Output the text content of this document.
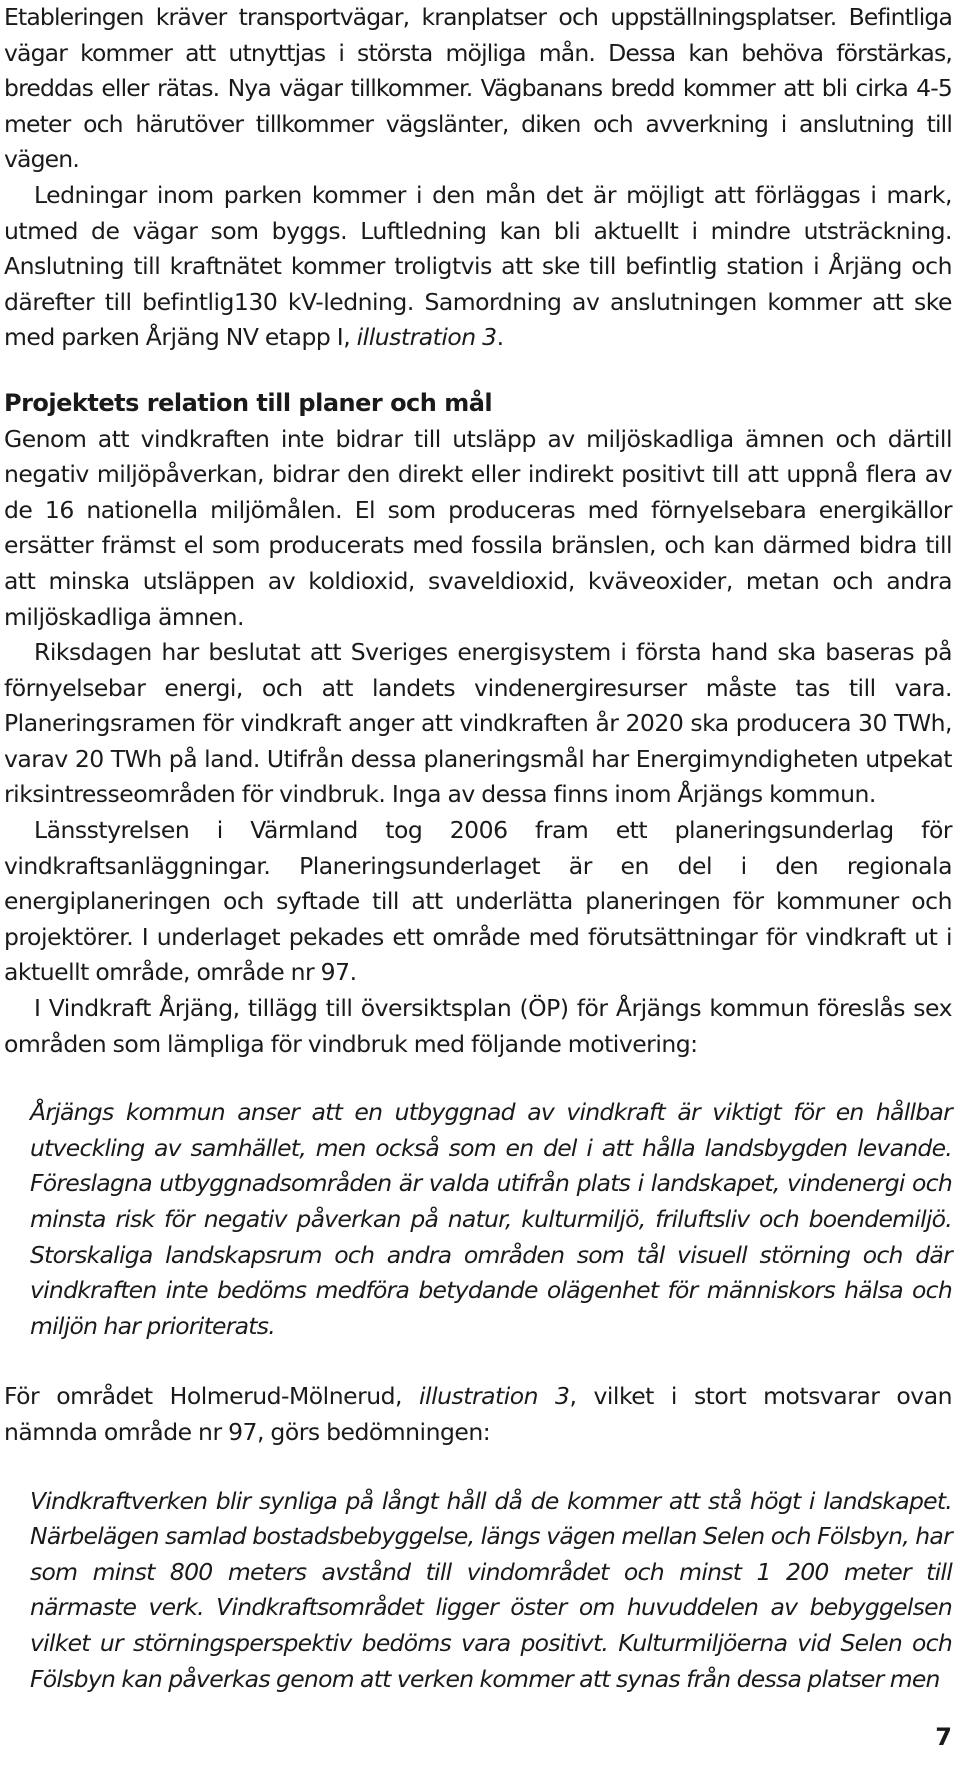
Etableringen kräver transportvägar, kranplatser och uppställningsplatser. Befintliga vägar kommer att utnyttjas i största möjliga mån. Dessa kan behöva förstärkas, breddas eller rätas. Nya vägar tillkommer. Vägbanans bredd kommer att bli cirka 4-5 meter och härutöver tillkommer vägslänter, diken och avverkning i anslutning till vägen.

Ledningar inom parken kommer i den mån det är möjligt att förläggas i mark, utmed de vägar som byggs. Luftledning kan bli aktuellt i mindre utsträckning. Anslutning till kraftnätet kommer troligtvis att ske till befintlig station i Årjäng och därefter till befintlig130 kV-ledning. Samordning av anslutningen kommer att ske med parken Årjäng NV etapp I, illustration 3.

Projektets relation till planer och mål

Genom att vindkraften inte bidrar till utsläpp av miljöskadliga ämnen och därtill negativ miljöpåverkan, bidrar den direkt eller indirekt positivt till att uppnå flera av de 16 nationella miljömålen. El som produceras med förnyelsebara energikällor ersätter främst el som producerats med fossila bränslen, och kan därmed bidra till att minska utsläppen av koldioxid, svaveldioxid, kväveoxider, metan och andra miljöskadliga ämnen.

Riksdagen har beslutat att Sveriges energisystem i första hand ska baseras på förnyelsebar energi, och att landets vindenergiresurser måste tas till vara. Planeringsramen för vindkraft anger att vindkraften år 2020 ska producera 30 TWh, varav 20 TWh på land. Utifrån dessa planeringsmål har Energimyndigheten utpekat riksintresseområden för vindbruk. Inga av dessa finns inom Årjängs kommun.

Länsstyrelsen i Värmland tog 2006 fram ett planeringsunderlag för vindkraftsanläggningar. Planeringsunderlaget är en del i den regionala energiplaneringen och syftade till att underlätta planeringen för kommuner och projektörer. I underlaget pekades ett område med förutsättningar för vindkraft ut i aktuellt område, område nr 97.

I Vindkraft Årjäng, tillägg till översiktsplan (ÖP) för Årjängs kommun föreslås sex områden som lämpliga för vindbruk med följande motivering:

Årjängs kommun anser att en utbyggnad av vindkraft är viktigt för en hållbar utveckling av samhället, men också som en del i att hålla landsbygden levande. Föreslagna utbyggnadsområden är valda utifrån plats i landskapet, vindenergi och minsta risk för negativ påverkan på natur, kulturmiljö, friluftsliv och boendemiljö. Storskaliga landskapsrum och andra områden som tål visuell störning och där vindkraften inte bedöms medföra betydande olägenhet för människors hälsa och miljön har prioriterats.

För området Holmerud-Mölnerud, illustration 3, vilket i stort motsvarar ovan nämnda område nr 97, görs bedömningen:

Vindkraftverken blir synliga på långt håll då de kommer att stå högt i landskapet. Närbelägen samlad bostadsbebyggelse, längs vägen mellan Selen och Fölsbyn, har som minst 800 meters avstånd till vindområdet och minst 1 200 meter till närmaste verk. Vindkraftsområdet ligger öster om huvuddelen av bebyggelsen vilket ur störningsperspektiv bedöms vara positivt. Kulturmiljöerna vid Selen och Fölsbyn kan påverkas genom att verken kommer att synas från dessa platser men

7
